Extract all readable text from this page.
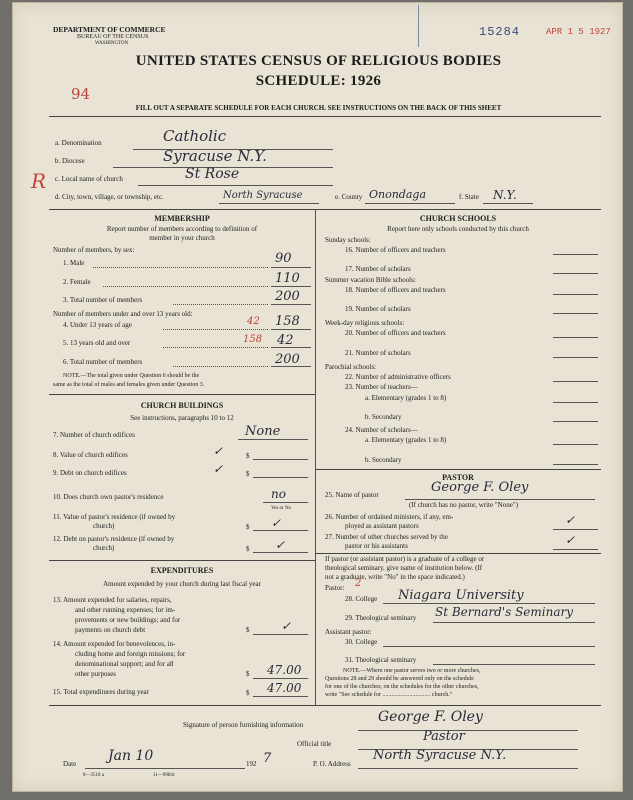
DEPARTMENT OF COMMERCE
BUREAU OF THE CENSUS
WASHINGTON
15284	APR 1 5 1927
UNITED STATES CENSUS OF RELIGIOUS BODIES
SCHEDULE: 1926
94
FILL OUT A SEPARATE SCHEDULE FOR EACH CHURCH. SEE INSTRUCTIONS ON THE BACK OF THIS SHEET
R
a. Denomination	Catholic
b. Diocese	Syracuse N.Y.
c. Local name of church	St Rose
d. City, town, village, or township, etc.	North Syracuse	e. County Onondaga	f. State N.Y.
MEMBERSHIP
Report number of members according to definition of
member in your church
Number of members, by sex:
1. Male	90
2. Female	110
3. Total number of members	200
Number of members under and over 13 years old:
4. Under 13 years of age	42 158
5. 13 years old and over	158 42
6. Total number of members	200
NOTE.—The total given under Question 6 should be the
same as the total of males and females given under Question 3.
CHURCH BUILDINGS
See instructions, paragraphs 10 to 12
7. Number of church edifices	None
8. Value of church edifices	$
✓
9. Debt on church edifices	$
✓
10. Does church own pastor's residence	no
Yes or No
11. Value of pastor's residence (if owned by
church)	$ ✓
12. Debt on pastor's residence (if owned by
church)	$ ✓
EXPENDITURES
Amount expended by your church during last fiscal year
13. Amount expended for salaries, repairs,
and other running expenses; for im-
provements or new buildings; and for
payments on church debt	$	✓
14. Amount expended for benevolences, in-
cluding home and foreign missions; for
denominational support; and for all
other purposes	$ 47.00
15. Total expenditures during year	$ 47.00
CHURCH SCHOOLS
Report here only schools conducted by this church
Sunday schools:
16. Number of officers and teachers
17. Number of scholars
Summer vacation Bible schools:
18. Number of officers and teachers
19. Number of scholars
Week-day religious schools:
20. Number of officers and teachers
21. Number of scholars
Parochial schools:
22. Number of administrative officers
23. Number of teachers—
a. Elementary (grades 1 to 8)
b. Secondary
24. Number of scholars—
a. Elementary (grades 1 to 8)
b. Secondary
PASTOR
25. Name of pastor	George F. Oley
(If church has no pastor, write "None")
26. Number of ordained ministers, if any, em-
ployed as assistant pastors	✓
27. Number of other churches served by the
pastor or his assistants	✓
If pastor (or assistant pastor) is a graduate of a college or
theological seminary, give name of institution below. (If
not a graduate, write "No" in the space indicated.)
Pastor: 2
28. College Niagara University
29. Theological seminary St Bernard's Seminary
Assistant pastor:
30. College
31. Theological seminary
NOTE.—Where one pastor serves two or more churches,
Questions 28 and 29 should be answered only on the schedule
for one of the churches; on the schedules for the other churches,
write "See schedule for ................................ church."
Signature of person furnishing information	George F. Oley
Official title	Pastor
Date Jan 10	192 7	P. O. Address
North Syracuse N.Y.
8—3518 a	11—9984c
